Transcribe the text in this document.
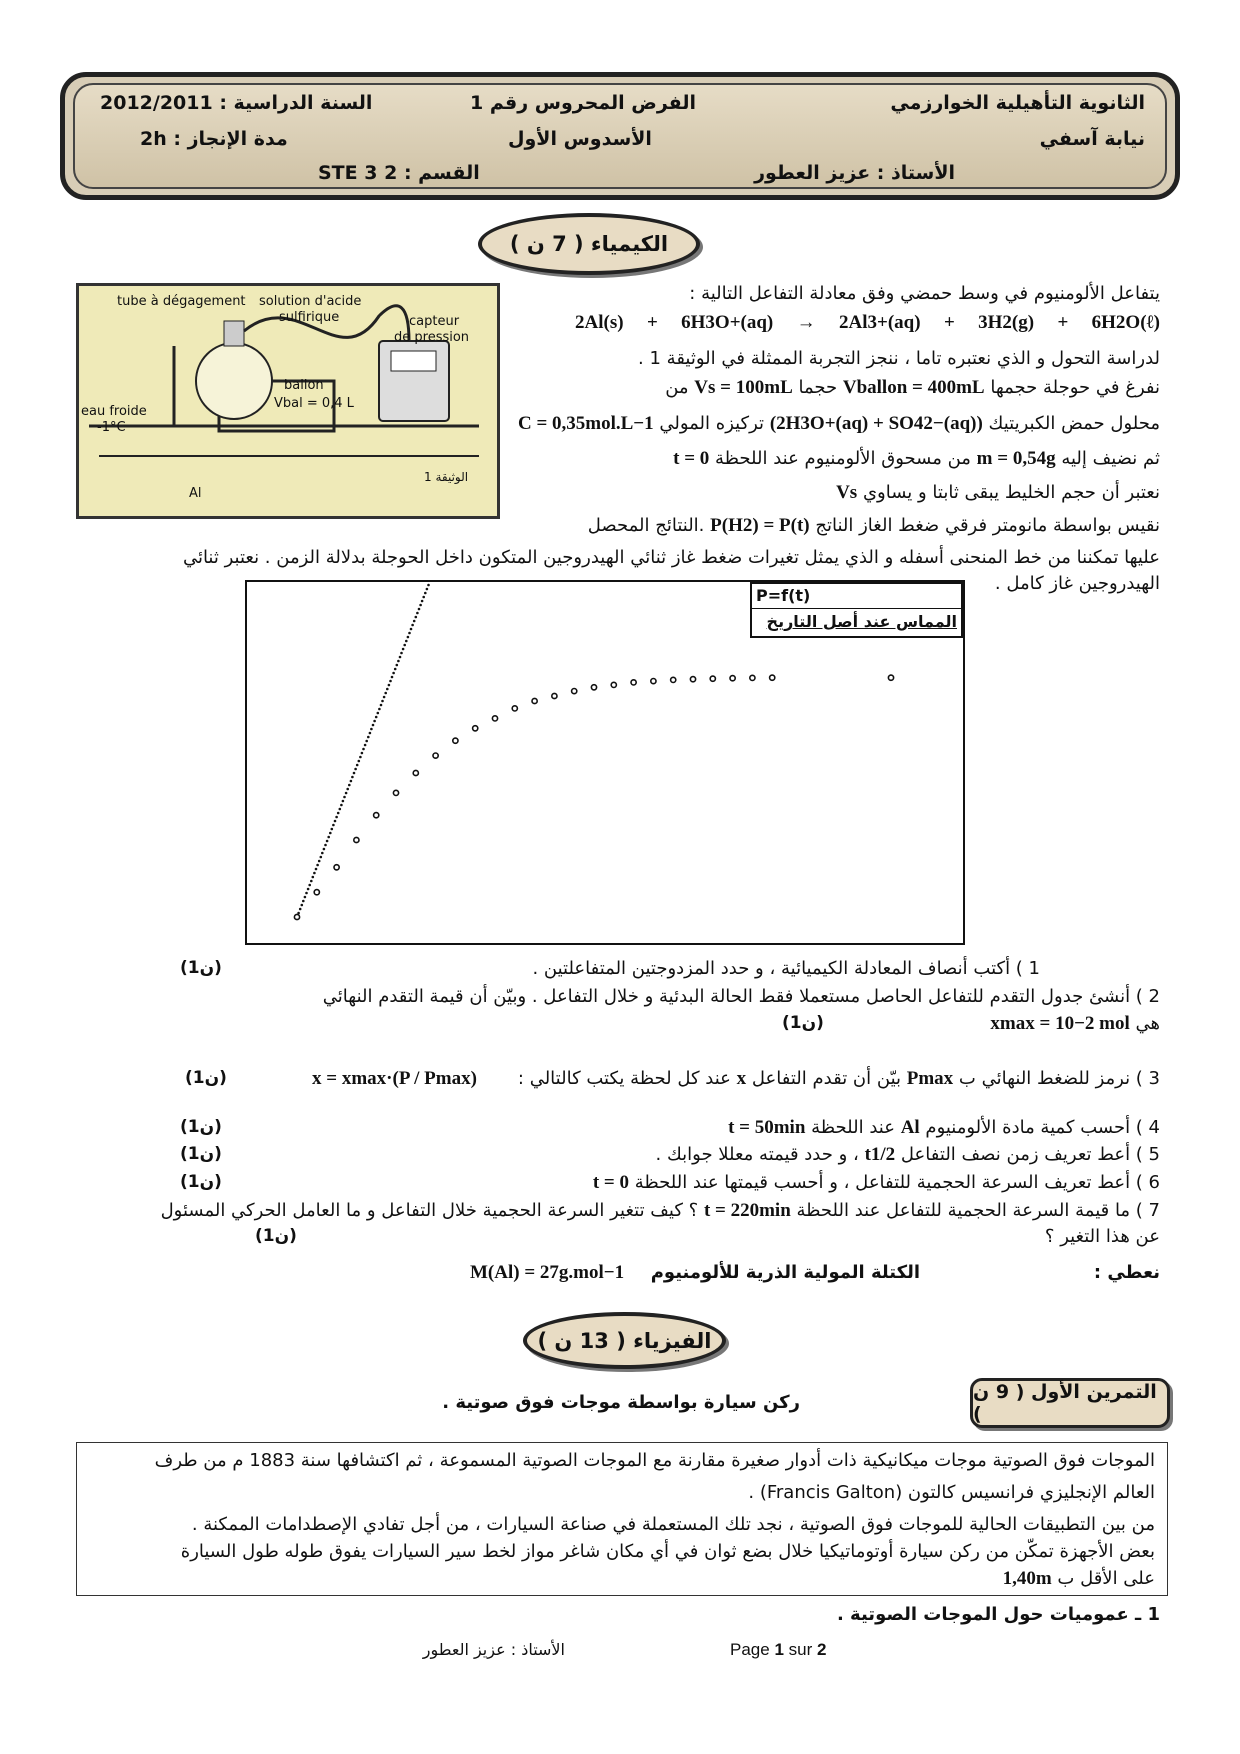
الثانوية التأهيلية الخوارزمي
نيابة آسفي
الأستاذ : عزيز العطور
الفرض المحروس رقم 1
الأسدوس الأول
القسم : 2 STE 3
السنة الدراسية : 2012/2011
مدة الإنجاز : 2h
الكيمياء ( 7 ن )
tube à dégagement solution d'acide
sulfirique	capteur
de pression
ballon
Vbal = 0,4 L
eau froide
-1°C
Al
الوثيقة 1
يتفاعل الألومنيوم في وسط حمضي وفق معادلة التفاعل التالية :
2Al(s) + 6H3O+(aq) → 2Al3+(aq) + 3H2(g) + 6H2O(ℓ)
لدراسة التحول و الذي نعتبره تاما ، ننجز التجربة الممثلة في الوثيقة 1 .
نفرغ في حوجلة حجمها Vballon = 400mL حجما Vs = 100mL من
محلول حمض الكبريتيك (2H3O+(aq) + SO42−(aq)) تركيزه المولي C = 0,35mol.L−1
ثم نضيف إليه m = 0,54g من مسحوق الألومنيوم عند اللحظة t = 0
نعتبر أن حجم الخليط يبقى ثابتا و يساوي Vs
نقيس بواسطة مانومتر فرقي ضغط الغاز الناتج P(H2) = P(t) .النتائج المحصل
عليها تمكننا من خط المنحنى أسفله و الذي يمثل تغيرات ضغط غاز ثنائي الهيدروجين المتكون داخل الحوجلة بدلالة الزمن . نعتبر ثنائي
الهيدروجين غاز كامل .
P=f(t)
المماس عند أصل التاريخ
1 ) أكتب أنصاف المعادلة الكيميائية ، و حدد المزدوجتين المتفاعلتين .
(1ن)
2 ) أنشئ جدول التقدم للتفاعل الحاصل مستعملا فقط الحالة البدئية و خلال التفاعل . وبيّن أن قيمة التقدم النهائي
هي xmax = 10−2 mol
(1ن)
3 ) نرمز للضغط النهائي ب Pmax بيّن أن تقدم التفاعل x عند كل لحظة يكتب كالتالي :
x = xmax·(P / Pmax)
(1ن)
4 ) أحسب كمية مادة الألومنيوم Al عند اللحظة t = 50min
(1ن)
5 ) أعط تعريف زمن نصف التفاعل t1/2 ، و حدد قيمته معللا جوابك .
(1ن)
6 ) أعط تعريف السرعة الحجمية للتفاعل ، و أحسب قيمتها عند اللحظة t = 0
(1ن)
7 ) ما قيمة السرعة الحجمية للتفاعل عند اللحظة t = 220min ؟ كيف تتغير السرعة الحجمية خلال التفاعل و ما العامل الحركي المسئول
عن هذا التغير ؟
(1ن)
نعطي :
الكتلة المولية الذرية للألومنيوم
M(Al) = 27g.mol−1
الفيزياء ( 13 ن )
التمرين الأول ( 9 ن )
ركن سيارة بواسطة موجات فوق صوتية .
الموجات فوق الصوتية موجات ميكانيكية ذات أدوار صغيرة مقارنة مع الموجات الصوتية المسموعة ، ثم اكتشافها سنة 1883 م من طرف
العالم الإنجليزي فرانسيس كالتون (Francis Galton) .
من بين التطبيقات الحالية للموجات فوق الصوتية ، نجد تلك المستعملة في صناعة السيارات ، من أجل تفادي الإصطدامات الممكنة .
بعض الأجهزة تمكّن من ركن سيارة أوتوماتيكيا خلال بضع ثوان في أي مكان شاغر مواز لخط سير السيارات يفوق طوله طول السيارة
على الأقل ب 1,40m
1 ـ عموميات حول الموجات الصوتية .
الأستاذ : عزيز العطور	Page 1 sur 2
